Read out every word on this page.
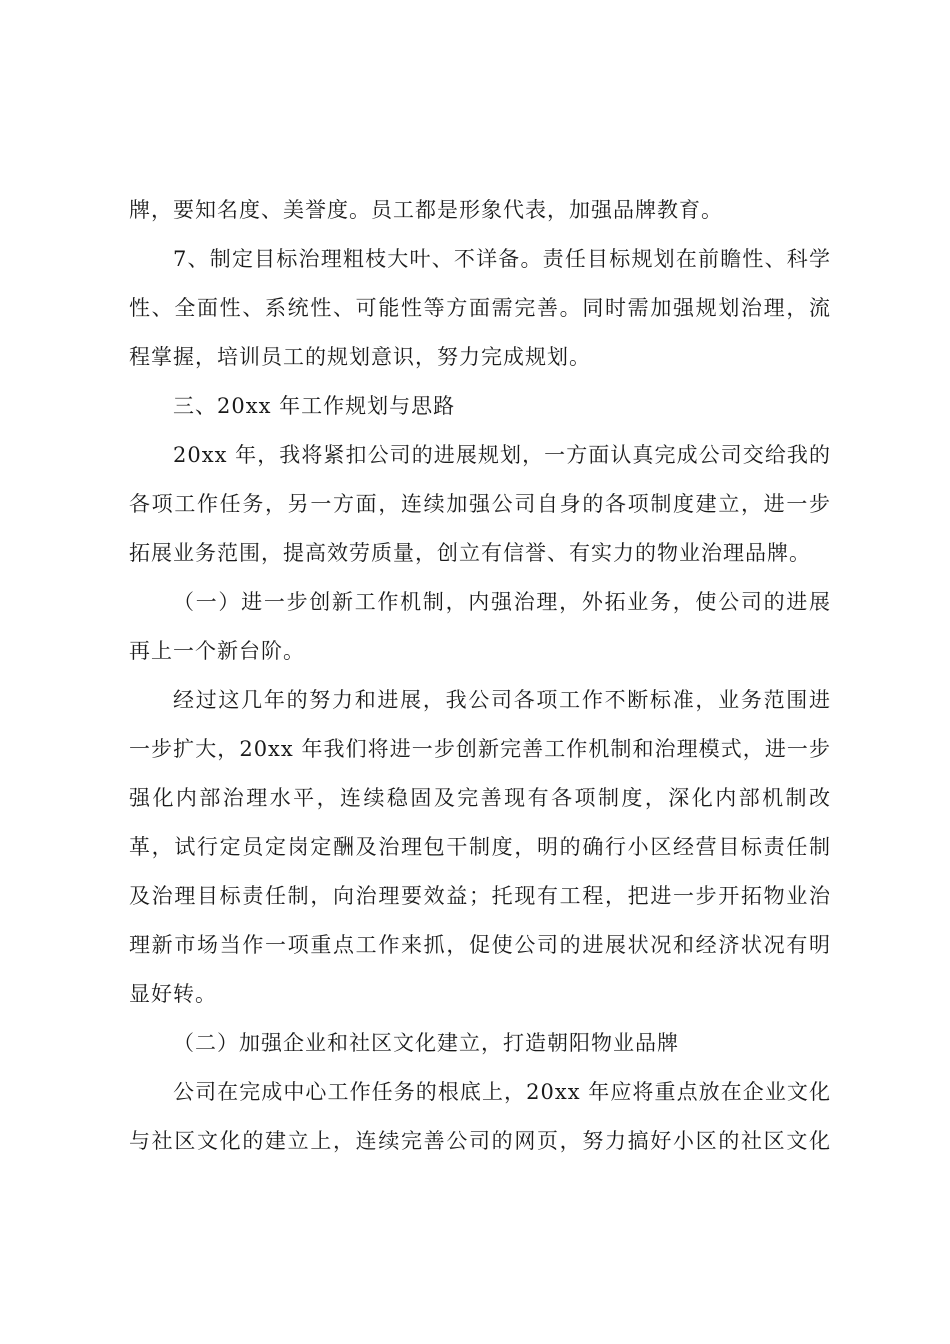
牌，要知名度、美誉度。员工都是形象代表，加强品牌教育。
7、制定目标治理粗枝大叶、不详备。责任目标规划在前瞻性、科学
性、全面性、系统性、可能性等方面需完善。同时需加强规划治理，流
程掌握，培训员工的规划意识，努力完成规划。
三、20xx 年工作规划与思路
20xx 年，我将紧扣公司的进展规划，一方面认真完成公司交给我的
各项工作任务，另一方面，连续加强公司自身的各项制度建立，进一步
拓展业务范围，提高效劳质量，创立有信誉、有实力的物业治理品牌。
（一）进一步创新工作机制，内强治理，外拓业务，使公司的进展
再上一个新台阶。
经过这几年的努力和进展，我公司各项工作不断标准，业务范围进
一步扩大，20xx 年我们将进一步创新完善工作机制和治理模式，进一步
强化内部治理水平，连续稳固及完善现有各项制度，深化内部机制改
革，试行定员定岗定酬及治理包干制度，明的确行小区经营目标责任制
及治理目标责任制，向治理要效益；托现有工程，把进一步开拓物业治
理新市场当作一项重点工作来抓，促使公司的进展状况和经济状况有明
显好转。
（二）加强企业和社区文化建立，打造朝阳物业品牌
公司在完成中心工作任务的根底上，20xx 年应将重点放在企业文化
与社区文化的建立上，连续完善公司的网页，努力搞好小区的社区文化
